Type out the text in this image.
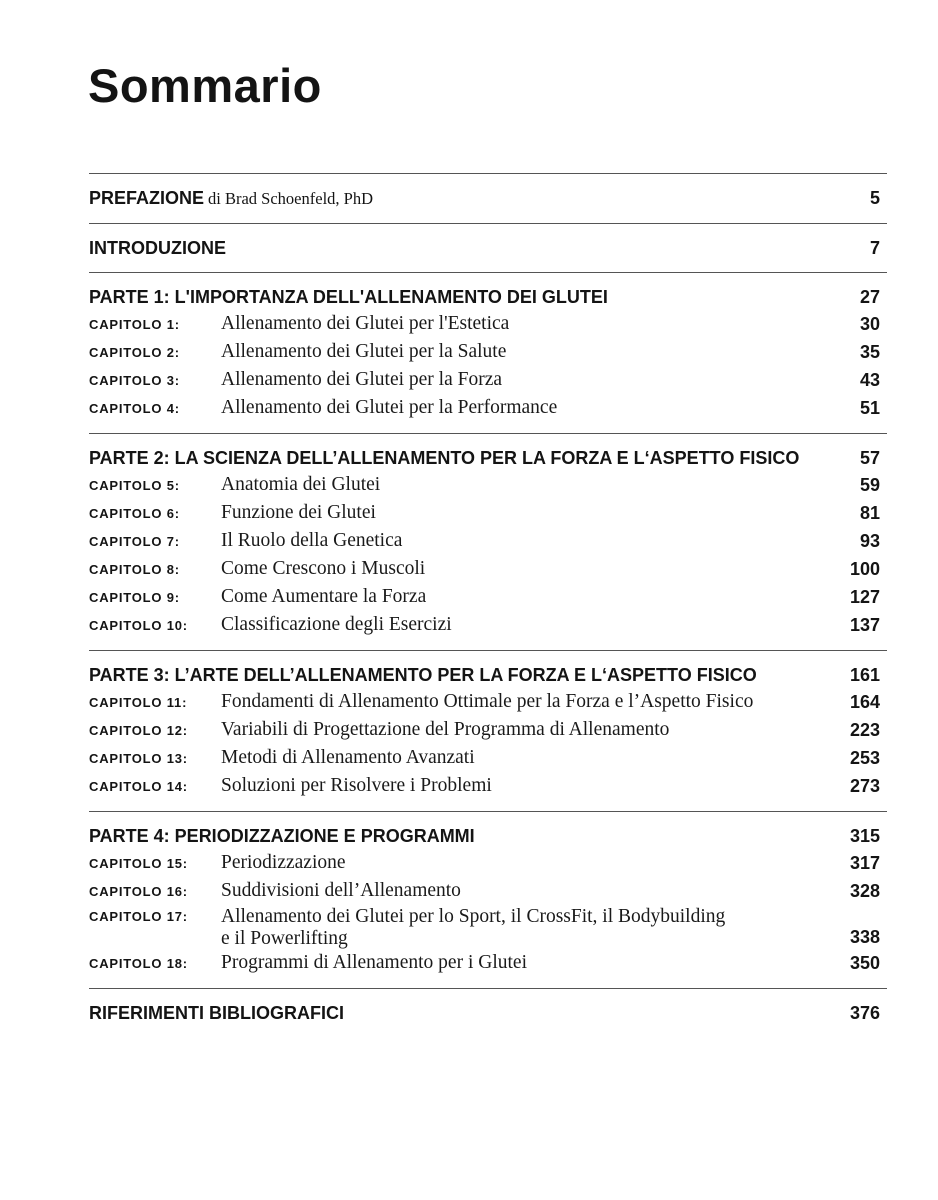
Sommario
PREFAZIONE di Brad Schoenfeld, PhD	5
INTRODUZIONE	7
PARTE 1: L'IMPORTANZA DELL'ALLENAMENTO DEI GLUTEI	27
CAPITOLO 1:	Allenamento dei Glutei per l'Estetica	30
CAPITOLO 2:	Allenamento dei Glutei per la Salute	35
CAPITOLO 3:	Allenamento dei Glutei per la Forza	43
CAPITOLO 4:	Allenamento dei Glutei per la Performance	51
PARTE 2: LA SCIENZA DELL’ALLENAMENTO PER LA FORZA E L‘ASPETTO FISICO	57
CAPITOLO 5:	Anatomia dei Glutei	59
CAPITOLO 6:	Funzione dei Glutei	81
CAPITOLO 7:	Il Ruolo della Genetica	93
CAPITOLO 8:	Come Crescono i Muscoli	100
CAPITOLO 9:	Come Aumentare la Forza	127
CAPITOLO 10:	Classificazione degli Esercizi	137
PARTE 3: L’ARTE DELL’ALLENAMENTO PER LA FORZA E L‘ASPETTO FISICO	161
CAPITOLO 11:	Fondamenti di Allenamento Ottimale per la Forza e l’Aspetto Fisico	164
CAPITOLO 12:	Variabili di Progettazione del Programma di Allenamento	223
CAPITOLO 13:	Metodi di Allenamento Avanzati	253
CAPITOLO 14:	Soluzioni per Risolvere i Problemi	273
PARTE 4: PERIODIZZAZIONE E PROGRAMMI	315
CAPITOLO 15:	Periodizzazione	317
CAPITOLO 16:	Suddivisioni dell’Allenamento	328
CAPITOLO 17:	Allenamento dei Glutei per lo Sport, il CrossFit, il Bodybuilding
e il Powerlifting	338
CAPITOLO 18:	Programmi di Allenamento per i Glutei	350
RIFERIMENTI BIBLIOGRAFICI	376
